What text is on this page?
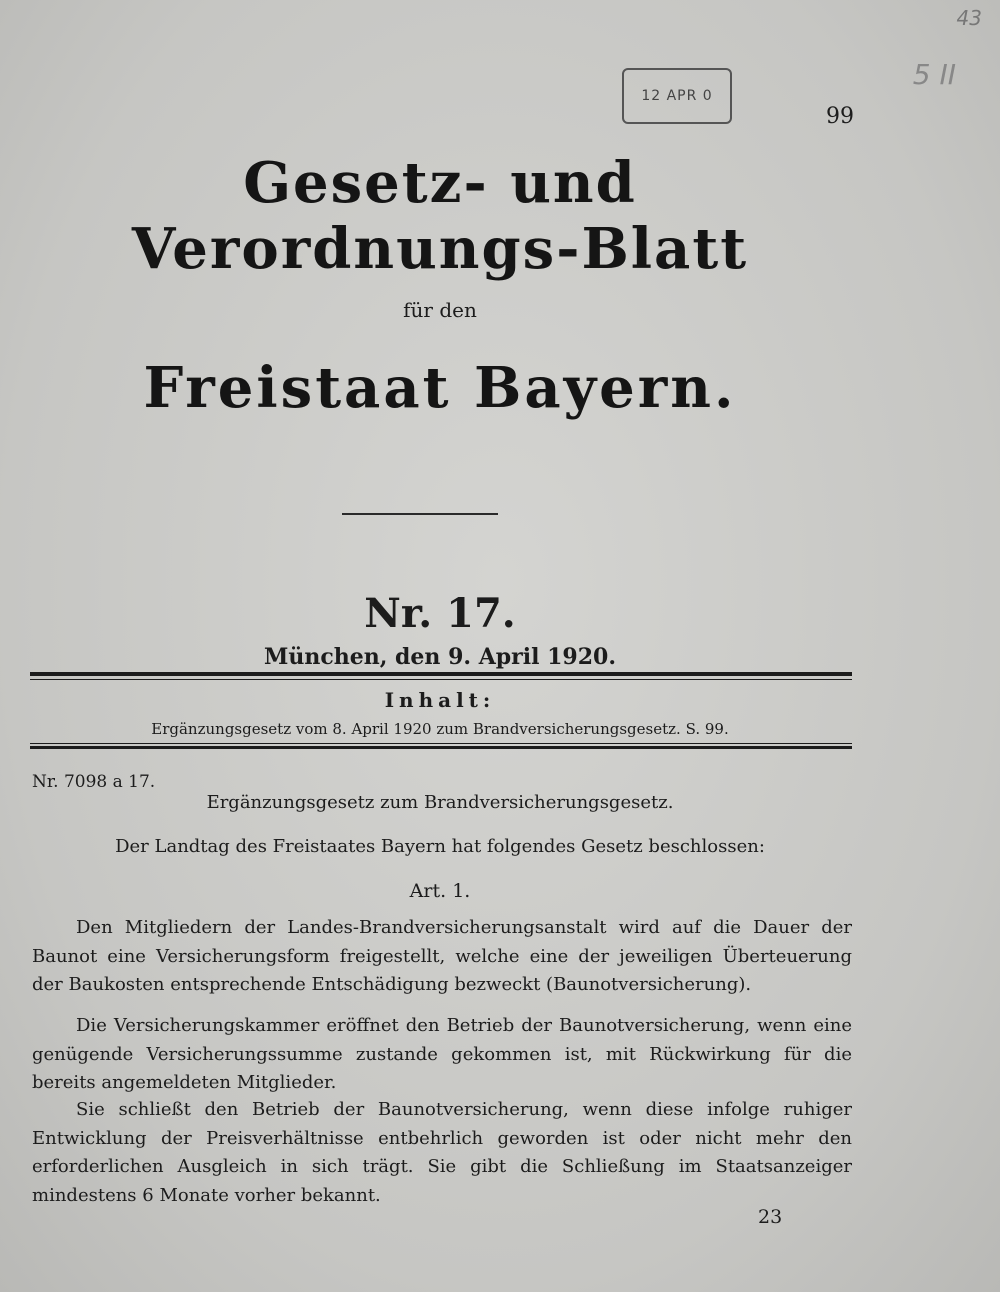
43
5 II
12 APR 0
99
Gesetz- und Verordnungs-Blatt
für den
Freistaat Bayern.
Nr. 17.
München, den 9. April 1920.
Inhalt:
Ergänzungsgesetz vom 8. April 1920 zum Brandversicherungsgesetz. S. 99.
Nr. 7098 a 17.
Ergänzungsgesetz zum Brandversicherungsgesetz.
Der Landtag des Freistaates Bayern hat folgendes Gesetz beschlossen:
Art. 1.

Den Mitgliedern der Landes-Brandversicherungsanstalt wird auf die Dauer der Baunot eine Versicherungsform freigestellt, welche eine der jeweiligen Überteuerung der Baukosten entsprechende Entschädigung bezweckt (Baunotversicherung).

Die Versicherungskammer eröffnet den Betrieb der Baunotversicherung, wenn eine genügende Versicherungssumme zustande gekommen ist, mit Rückwirkung für die bereits angemeldeten Mitglieder.

Sie schließt den Betrieb der Baunotversicherung, wenn diese infolge ruhiger Entwicklung der Preisverhältnisse entbehrlich geworden ist oder nicht mehr den erforderlichen Ausgleich in sich trägt. Sie gibt die Schließung im Staatsanzeiger mindestens 6 Monate vorher bekannt.

23
